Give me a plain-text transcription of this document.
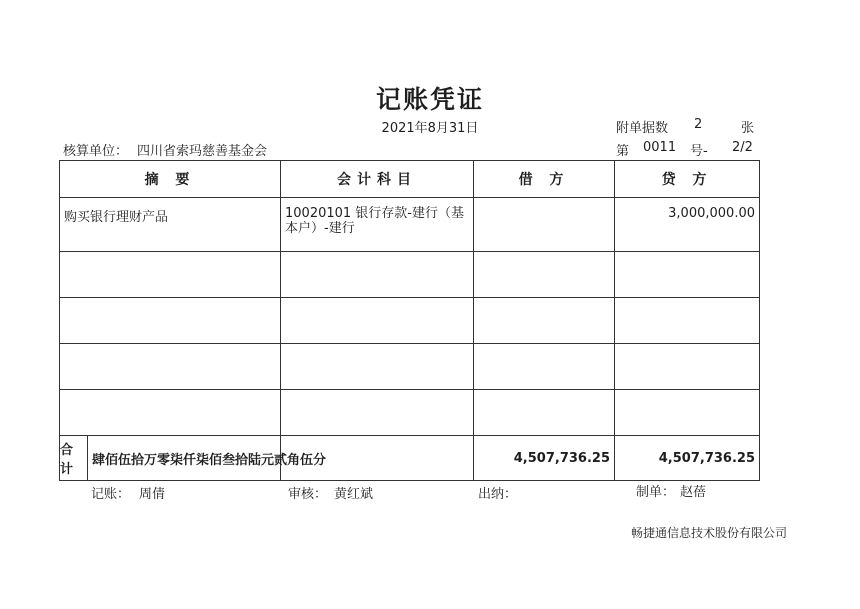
记账凭证
2021年8月31日	附单据数 2	张
核算单位： 四川省索玛慈善基金会	第 0011 号- 2/2
摘 要	会计科目	借 方	贷 方
购买银行理财产品	10020101 银行存款-建行（基本户）-建行		3,000,000.00

合 计
肆佰伍拾万零柒仟柒佰叁拾陆元贰角伍分		4,507,736.25	4,507,736.25
记账： 周倩	审核： 黄红斌	出纳：	制单： 赵蓓
畅捷通信息技术股份有限公司
